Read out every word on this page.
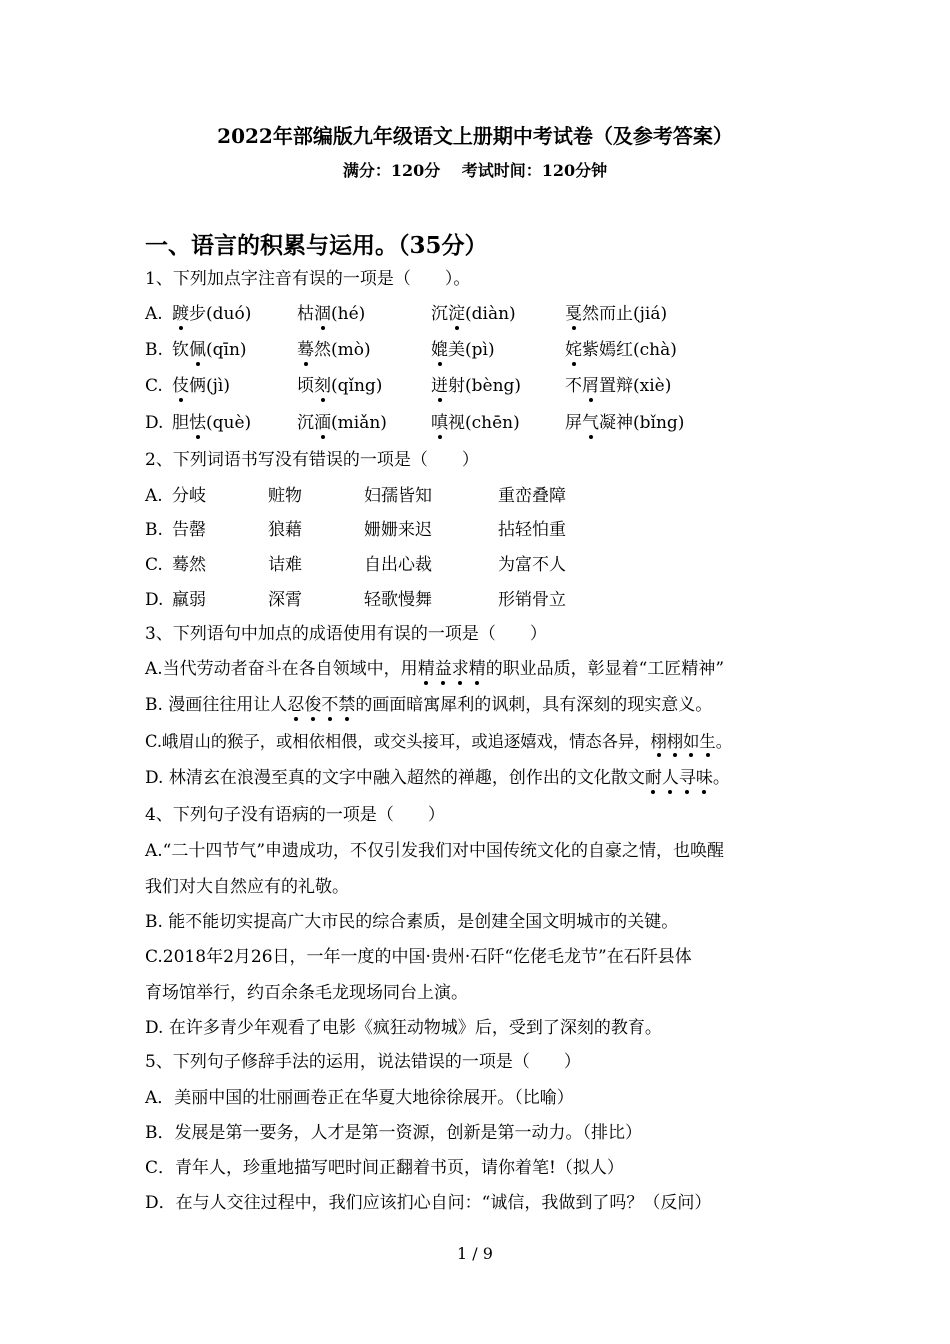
2022年部编版九年级语文上册期中考试卷（及参考答案）
满分：120分　 考试时间：120分钟
一、语言的积累与运用。（35分）
1、下列加点字注音有误的一项是（　　）。
A. 踱步(duó)	枯涸(hé)	沉淀(diàn)	戛然而止(jiá)
B. 钦佩(qīn)	蓦然(mò)	媲美(pì)	姹紫嫣红(chà)
C. 伎俩(jì)	顷刻(qǐng)	迸射(bèng)	不屑置辩(xiè)
D. 胆怯(què)	沉湎(miǎn)	嗔视(chēn)	屏气凝神(bǐng)
2、下列词语书写没有错误的一项是（　　）
A. 分岐	赃物	妇孺皆知	重峦叠障
B. 告罄	狼藉	姗姗来迟	拈轻怕重
C. 蓦然	诘难	自出心裁	为富不人
D. 羸弱	深霄	轻歌慢舞	形销骨立
3、下列语句中加点的成语使用有误的一项是（　　）
A.当代劳动者奋斗在各自领域中，用精益求精的职业品质，彰显着“工匠精神”
B. 漫画往往用让人忍俊不禁的画面暗寓犀利的讽刺，具有深刻的现实意义。
C.峨眉山的猴子，或相依相偎，或交头接耳，或追逐嬉戏，情态各异，栩栩如生。
D. 林清玄在浪漫至真的文字中融入超然的禅趣，创作出的文化散文耐人寻味。
4、下列句子没有语病的一项是（　　）
A.“二十四节气”申遗成功，不仅引发我们对中国传统文化的自豪之情，也唤醒
我们对大自然应有的礼敬。
B. 能不能切实提高广大市民的综合素质，是创建全国文明城市的关键。
C.2018年2月26日，一年一度的中国·贵州·石阡“仡佬毛龙节”在石阡县体
育场馆举行，约百余条毛龙现场同台上演。
D. 在许多青少年观看了电影《疯狂动物城》后，受到了深刻的教育。
5、下列句子修辞手法的运用，说法错误的一项是（　　）
A．美丽中国的壮丽画卷正在华夏大地徐徐展开。（比喻）
B．发展是第一要务，人才是第一资源，创新是第一动力。（排比）
C．青年人，珍重地描写吧时间正翻着书页，请你着笔!（拟人）
D．在与人交往过程中，我们应该扪心自问：“诚信，我做到了吗？（反问）
1 / 9
